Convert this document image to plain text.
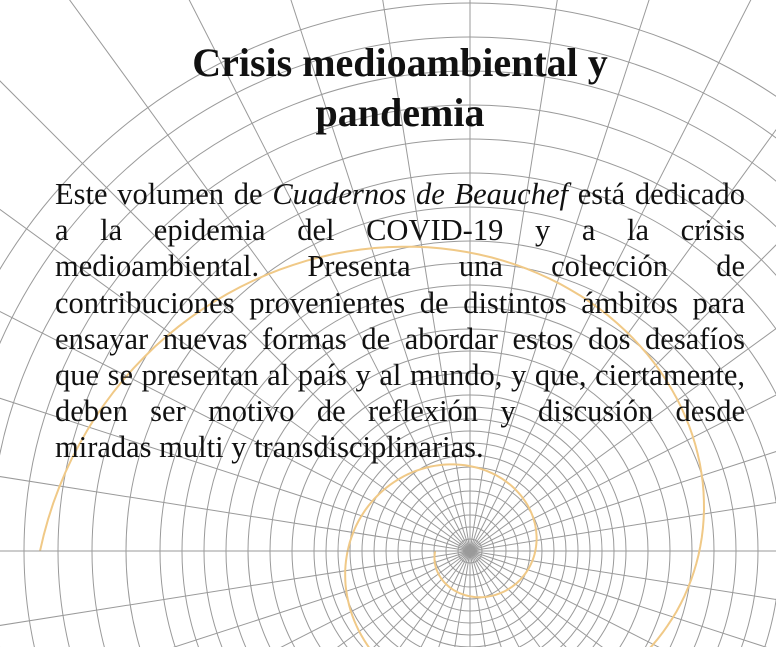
Crisis medioambiental y
pandemia

Este volumen de Cuadernos de Beauchef está dedicado a la epidemia del COVID-19 y a la crisis medioambiental. Presenta una colección de contribuciones provenientes de distintos ámbitos para ensayar nuevas formas de abordar estos dos desafíos que se presentan al país y al mundo, y que, ciertamente, deben ser motivo de reflexión y discusión desde miradas multi y transdisciplinarias.
